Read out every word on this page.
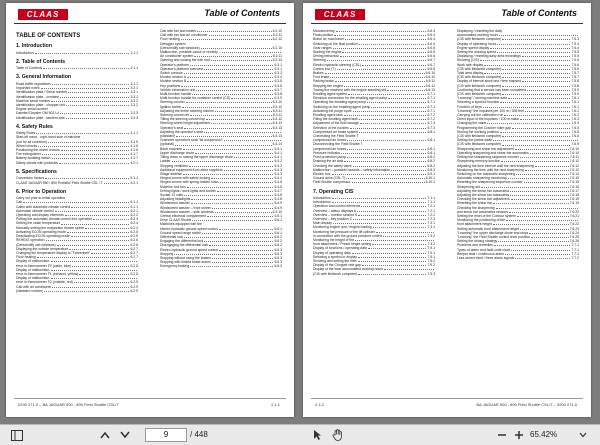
CLAAS	Table of Contents
TABLE OF CONTENTS
1. Introduction
Introduction	1.1.1
2. Table of Contents
Table of Contents	2.1.1
3. General Information
Road traffic regulations	3.1.1
Important notes	3.2.1
Identification plate / Serial number	3.3.1
Identification plate - combine	3.3.1
Machine serial number	3.3.2
Identification plate - chopper unit	3.3.2
Engine serial number
Daimler/Chrysler OM 502 LA	3.3.3
Identification plate - tandem axle	3.3.3
4. Safety Rules
Safety Rules	4.1.1
Start-off minor - right-hand side of machine
(not for all countries)	4.1.5
Wheel chocks	4.1.6
Positioning the wheel chocks	4.1.6
Fire extinguisher	4.1.7
Battery isolating switch	4.1.7
Safety decals with pictorials	4.2.1
5. Specifications
Conversion factors	5.1.1
CLAAS JAGUAR 980 / 890 Profisilo/ Field Shuttle CSL / T	5.2.1
6. Prior to Operation
Carry out prior to initial operation
Cab	6.1.1
Cabin with automatic climate control	6.1.1
Automatic climate control	6.2.1
Operating and display elements	6.2.2
Putting the automatic climate control into operation	6.2.3
Setting the cabin temperature	6.2.4
Manually setting the evaporator blower speed	6.2.4
Activating ECON operating mode	6.2.5
Deactivating ECON operating mode	6.2.5
REHEAT operation	6.2.6
(Dehumidify cab windows)	6.2.6
Displaying the outside temperature	6.2.7
Changing the temperature display to "Fahrenheit"	6.2.7
Floor heating	6.2.7
Display of malfunction:
error in thermometer F0 (cabin, blue)	6.2.8
Display of malfunction:
error in thermometer F1 (exhaust, yellow)	6.2.8
Display of malfunction:
error in thermometer F2 (outside, red)	6.2.9
Cab with air conditioner	6.2.9
(standard version)	6.2.9
Cab with fan and heater	6.2.10
Cab with fan and air conditioner	6.2.11
Floor heating	6.2.12
Defogger system
(Dehumidify cab windows)	6.2.10
Malfunction, possible cause or remedy –
Air conditioner system	6.2.11
Opening and closing the cab roof	6.2.13
Operator's platform	6.3.1
Operator's platform overview	6.3.1
Switch console	6.3.3
Monitor section A	6.3.4
Monitor section B	6.3.5
Key positions	6.3.6
Vehicle information unit	6.3.7
Multi-function handle	6.3.8
Multi-function handle for container control (CS)	6.3.9
Steering column	6.3.10
Ignition switch	6.3.10
Adjusting the entire steering column	6.3.11
Steering column tilt	6.3.11
Tilting the steering column top	6.3.12
Steering wheel height adjustment	6.3.12
Operator's seat	6.3.13
Adjusting the operator's seat
(standard)	6.3.13
Grammer operator's seat "air suspension"
(optional)	6.3.14
Basic machine	6.4.1
Upper discharge chute	6.4.1
Tilting down or raising the upper discharge chute	6.4.1
Ladder	6.4.2
Shipping ventilator	6.4.2
Additional equipment from other suppliers	6.4.3
Silage additive	6.4.3
Hinged covers with safety locking	6.4.4
Hinged covers with spring-loaded locks	6.4.5
Machine tool box	6.4.6
Driving lights / work lights and socket	6.4.7
Socket 12 volts	6.4.8
Adjusting headlights	6.4.8
Windscreen washer	6.4.9
Windscreen washer – front screen	6.4.9
Windscreen washer – side windows	6.4.10
Central electrical compartment	6.5.1
Drive CLAAS Shuttle	6.6.1
Machines equipped with the
electro-hydraulic ground speed control	6.6.1
Ground speed range switch	6.6.1
Differential lock	6.6.2
Engaging the differential lock	6.6.2
Disengaging the differential lock	6.6.2
Electro-hydraulic ground speed control	6.6.3
Stopping	6.6.3
Stopping without using the brakes	6.6.3
Stopping with limited brake action	6.6.3
Emergency braking	6.6.3
0200 271.0 – BA JAGUAR 900 - 890 Field Shuttle CSL/T	2.1.1
CLAAS	Table of Contents
Manoeuvering	6.6.3
Float position	6.6.4
Brake for road travel	6.6.4
Switching on the float position	6.6.4
Gear ranges	6.6.5
Starting the engine	6.6.5
Driving behaviour	6.6.6
Steering	6.6.7
Electro-hydraulic steering (CSL)	6.6.7
Control box (T)	6.6.8
Brakes	6.6.10
Foot brake	6.6.10
Parking brake	6.6.11
Stopping the engine	6.6.12
Towing the machine with the engine standing still	6.6.13
Emalling agent system	6.7.1
Electrical connection for the emalling agent pump	6.7.1
Operating the emalling agent pump	6.7.1
Switching on the emalling agent pump	6.7.1
Activating the purge cycle	6.7.1
Emalling agent tank	6.7.2
Filling the emalling agent tank	6.7.2
Adjustment of the fluid dosage	6.7.3
Selection of the nozzles	6.7.3
Compressed air brake system	6.8.1
Connecting the Field Shuttle T
compressed air hoses	6.8.1
Disconnecting the Field Shuttle T
compressed air hoses	6.8.1
Pressure indicator	6.8.1
Frost protection pump	6.8.2
Draining the air tank	6.8.2
Checking the safety valve	6.8.2
Malfunction – possible hazards – safety information	6.8.3
Electric box	6.9.1
Ground drive (CSL T)	6.10.1
Field Shuttle compressor	6.10.2
7. Operating CIS
Introduction	7.1.1
Introduction	7.1.1
Operation and control elements	7.2.1
Overview – status displays A	7.2.1
Overview – monitor section S	7.2.2
Overview – key position C	7.2.3
Main display	7.3.1
Monitoring engine rpm / engine loading	7.3.1
Monitoring the pressure of the lift cylinder
in connection with the ground pressure control	7.3.2
Monitoring the height of the
front attachment / Preset height setting	7.3.2
Display of functions / operating data	7.5.1
Display of operating data	7.5.1
Selecting a symbol or display	7.5.1
Showing and setting the time	7.5.2
Display of the Chopper rate gap	7.5.2
Display of the total accumulated working hours
(CIS with fieldwork computer)	7.5.3
Displaying / resetting the daily
accumulated working hours
(CIS with fieldwork computer)	7.5.3
Display of operating hours	7.5.4
Engine speed display	7.5.4
Setting the working speed	7.5.5
Displaying / resetting daily area recordings	7.5.5
Showing (CIS)	7.5.6
Work rate display	7.5.6
(CIS with fieldwork computer)	7.5.6
Total area display	7.5.7
(CIS with fieldwork computer)	7.5.7
Display of interval since last / time elapsed	7.5.8
(CIS with fieldwork computer)	7.5.8
Confirming that a service has been completed	7.5.9
(CIS with fieldwork computer)	7.5.9
"Learning" / storing machine data	7.6.1
Selecting a symbol/ function	7.6.1
Function of keys	7.6.1
"Learning" the impulses per 100 m / 328 feet	7.6.2
Carrying out the calibration run	7.6.2
Direct input of the impulses / 100 m value	7.6.3
Changing the value	7.6.3
Programming the Cracker roller gap	7.6.5
Storing the working position	7.6.8
(CIS with fieldwork computer)	7.6.6
Setting the partial width
(CIS with fieldwork computer)	7.6.9
Sharpening and shear bar adjustment	7.6.10
Operating sharpening and shear bar automatics	7.6.10
Setting the sharpening sequence counter	7.6.11
Sharpening memory function	7.6.12
Adjusting the time interval until the next sharpening	7.6.12
Monitoring the time until the next sharpening	7.6.12
Switching on the automatic sharpening	7.6.14
Automatic sharpening monitoring	7.6.15
Resetting the sharpening sequence counter	7.6.15
Sharpening aid	7.6.16
Adjusting the shear bar automatics	7.6.17
Adjusting the shear bar automatics	7.6.18
Checking the shear bar adjustment	7.6.19
Resetting the shear bar	7.6.19
Checking the sharpening
and shear bar automatics sensors	7.6.20
Setting the reset of the Contour system	7.6.21
Monitoring the positioning of the
front attachment height	7.6.22
Setting automatic front attachment height	7.6.23
"Learning" the upper discharge chute end stops	7.6.24
"Learning" the Field Shuttle control lever position	7.6.25
Setting the driving strategy	7.6.26
Problems and remedies	7.7.1
Types of alarm and fault code chart	7.7.1
Beeper fault / continuous alarm	7.7.2
Less-severe fault / three alarm signals	7.7.2
2.1.2	BA JAGUAR 900 - 890 Field Shuttle CSL/T – 0200 271.0
9	/ 448	65.42%
